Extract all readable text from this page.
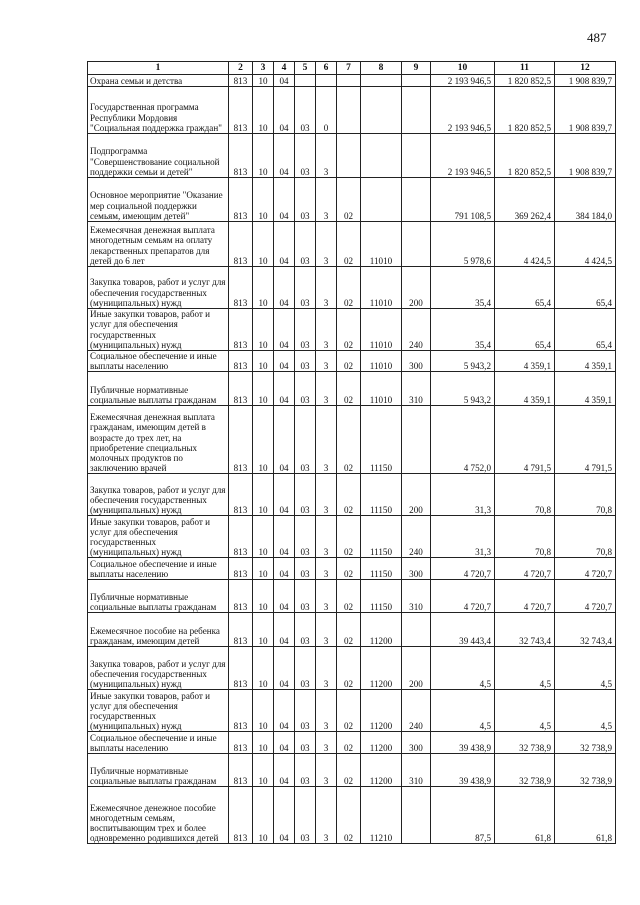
487
1	2	3	4	5	6	7	8	9	10	11	12
Охрана семьи и детства	813	10	04						2 193 946,5	1 820 852,5	1 908 839,7
Государственная программа Республики Мордовия "Социальная поддержка граждан"	813	10	04	03	0				2 193 946,5	1 820 852,5	1 908 839,7
Подпрограмма "Совершенствование социальной поддержки семьи и детей"	813	10	04	03	3				2 193 946,5	1 820 852,5	1 908 839,7
Основное мероприятие "Оказание мер социальной поддержки семьям, имеющим детей"	813	10	04	03	3	02			791 108,5	369 262,4	384 184,0
Ежемесячная денежная выплата многодетным семьям на оплату лекарственных препаратов для детей до 6 лет	813	10	04	03	3	02	11010		5 978,6	4 424,5	4 424,5
Закупка товаров, работ и услуг для обеспечения государственных (муниципальных) нужд	813	10	04	03	3	02	11010	200	35,4	65,4	65,4
Иные закупки товаров, работ и услуг для обеспечения государственных (муниципальных) нужд	813	10	04	03	3	02	11010	240	35,4	65,4	65,4
Социальное обеспечение и иные выплаты населению	813	10	04	03	3	02	11010	300	5 943,2	4 359,1	4 359,1
Публичные нормативные социальные выплаты гражданам	813	10	04	03	3	02	11010	310	5 943,2	4 359,1	4 359,1
Ежемесячная денежная выплата гражданам, имеющим детей в возрасте до трех лет, на приобретение специальных молочных продуктов по заключению врачей	813	10	04	03	3	02	11150		4 752,0	4 791,5	4 791,5
Закупка товаров, работ и услуг для обеспечения государственных (муниципальных) нужд	813	10	04	03	3	02	11150	200	31,3	70,8	70,8
Иные закупки товаров, работ и услуг для обеспечения государственных (муниципальных) нужд	813	10	04	03	3	02	11150	240	31,3	70,8	70,8
Социальное обеспечение и иные выплаты населению	813	10	04	03	3	02	11150	300	4 720,7	4 720,7	4 720,7
Публичные нормативные социальные выплаты гражданам	813	10	04	03	3	02	11150	310	4 720,7	4 720,7	4 720,7
Ежемесячное пособие на ребенка гражданам, имеющим детей	813	10	04	03	3	02	11200		39 443,4	32 743,4	32 743,4
Закупка товаров, работ и услуг для обеспечения государственных (муниципальных) нужд	813	10	04	03	3	02	11200	200	4,5	4,5	4,5
Иные закупки товаров, работ и услуг для обеспечения государственных (муниципальных) нужд	813	10	04	03	3	02	11200	240	4,5	4,5	4,5
Социальное обеспечение и иные выплаты населению	813	10	04	03	3	02	11200	300	39 438,9	32 738,9	32 738,9
Публичные нормативные социальные выплаты гражданам	813	10	04	03	3	02	11200	310	39 438,9	32 738,9	32 738,9
Ежемесячное денежное пособие многодетным семьям, воспитывающим трех и более одновременно родившихся детей	813	10	04	03	3	02	11210		87,5	61,8	61,8
